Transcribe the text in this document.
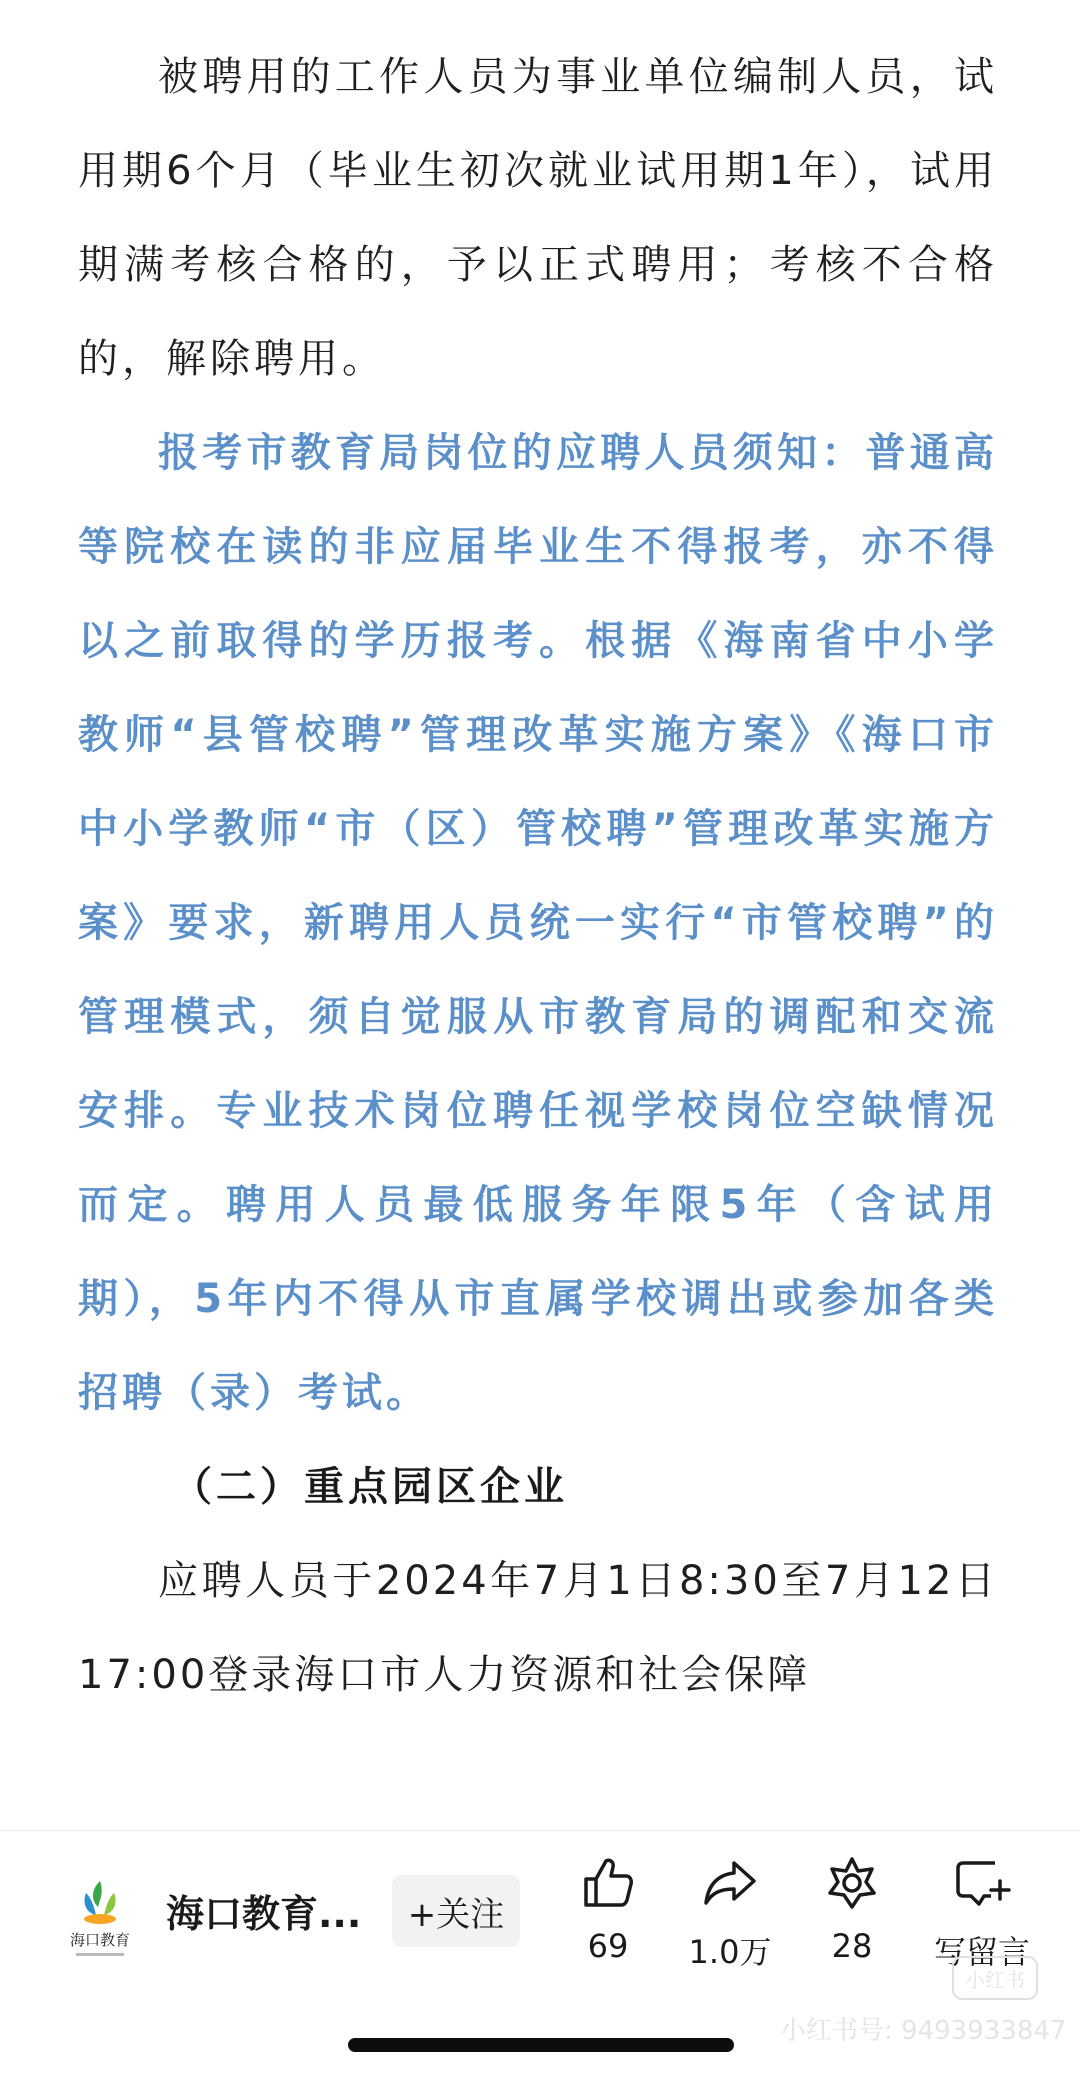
被聘用的工作人员为事业单位编制人员，试用期6个月（毕业生初次就业试用期1年），试用期满考核合格的，予以正式聘用；考核不合格的，解除聘用。

报考市教育局岗位的应聘人员须知：普通高等院校在读的非应届毕业生不得报考，亦不得以之前取得的学历报考。根据《海南省中小学教师“县管校聘”管理改革实施方案》《海口市中小学教师“市（区）管校聘”管理改革实施方案》要求，新聘用人员统一实行“市管校聘”的管理模式，须自觉服从市教育局的调配和交流安排。专业技术岗位聘任视学校岗位空缺情况而定。聘用人员最低服务年限5年（含试用期），5年内不得从市直属学校调出或参加各类招聘（录）考试。

（二）重点园区企业

应聘人员于2024年7月1日8:30至7月12日17:00登录海口市人力资源和社会保障

海口教育
海口教育...	+关注
69	1.0万	28	写留言
小红书
小红书号: 9493933847
